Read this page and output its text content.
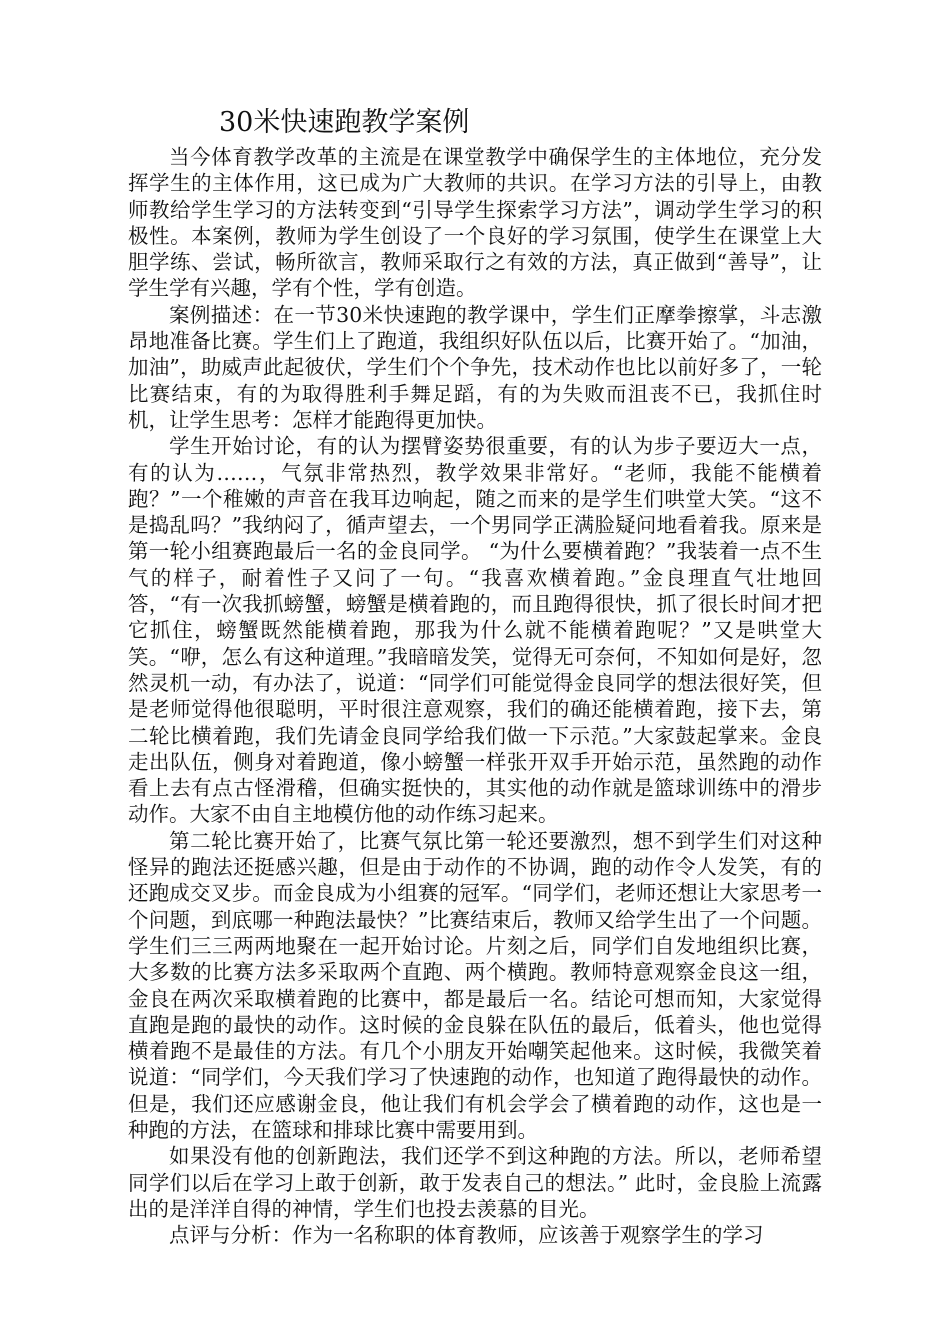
30米快速跑教学案例

当今体育教学改革的主流是在课堂教学中确保学生的主体地位，充分发挥学生的主体作用，这已成为广大教师的共识。在学习方法的引导上，由教师教给学生学习的方法转变到“引导学生探索学习方法”，调动学生学习的积极性。本案例，教师为学生创设了一个良好的学习氛围，使学生在课堂上大胆学练、尝试，畅所欲言，教师采取行之有效的方法，真正做到“善导”，让学生学有兴趣，学有个性，学有创造。

案例描述：在一节30米快速跑的教学课中，学生们正摩拳擦掌，斗志激昂地准备比赛。学生们上了跑道，我组织好队伍以后，比赛开始了。“加油，加油”，助威声此起彼伏，学生们个个争先，技术动作也比以前好多了，一轮比赛结束，有的为取得胜利手舞足蹈，有的为失败而沮丧不已，我抓住时机，让学生思考：怎样才能跑得更加快。

学生开始讨论，有的认为摆臂姿势很重要，有的认为步子要迈大一点，有的认为……，气氛非常热烈，教学效果非常好。“老师，我能不能横着跑？”一个稚嫩的声音在我耳边响起，随之而来的是学生们哄堂大笑。“这不是捣乱吗？”我纳闷了，循声望去，一个男同学正满脸疑问地看着我。原来是第一轮小组赛跑最后一名的金良同学。 “为什么要横着跑？”我装着一点不生气的样子，耐着性子又问了一句。“我喜欢横着跑。”金良理直气壮地回答，“有一次我抓螃蟹，螃蟹是横着跑的，而且跑得很快，抓了很长时间才把它抓住，螃蟹既然能横着跑，那我为什么就不能横着跑呢？”又是哄堂大笑。“咿，怎么有这种道理。”我暗暗发笑，觉得无可奈何，不知如何是好，忽然灵机一动，有办法了，说道：“同学们可能觉得金良同学的想法很好笑，但是老师觉得他很聪明，平时很注意观察，我们的确还能横着跑，接下去，第二轮比横着跑，我们先请金良同学给我们做一下示范。”大家鼓起掌来。金良走出队伍，侧身对着跑道，像小螃蟹一样张开双手开始示范，虽然跑的动作看上去有点古怪滑稽，但确实挺快的，其实他的动作就是篮球训练中的滑步动作。大家不由自主地模仿他的动作练习起来。

第二轮比赛开始了，比赛气氛比第一轮还要激烈，想不到学生们对这种怪异的跑法还挺感兴趣，但是由于动作的不协调，跑的动作令人发笑，有的还跑成交叉步。而金良成为小组赛的冠军。“同学们，老师还想让大家思考一个问题，到底哪一种跑法最快？”比赛结束后，教师又给学生出了一个问题。学生们三三两两地聚在一起开始讨论。片刻之后，同学们自发地组织比赛，大多数的比赛方法多采取两个直跑、两个横跑。教师特意观察金良这一组，金良在两次采取横着跑的比赛中，都是最后一名。结论可想而知，大家觉得直跑是跑的最快的动作。这时候的金良躲在队伍的最后，低着头，他也觉得横着跑不是最佳的方法。有几个小朋友开始嘲笑起他来。这时候，我微笑着说道：“同学们，今天我们学习了快速跑的动作，也知道了跑得最快的动作。但是，我们还应感谢金良，他让我们有机会学会了横着跑的动作，这也是一种跑的方法，在篮球和排球比赛中需要用到。

如果没有他的创新跑法，我们还学不到这种跑的方法。所以，老师希望同学们以后在学习上敢于创新，敢于发表自己的想法。” 此时，金良脸上流露出的是洋洋自得的神情，学生们也投去羡慕的目光。

点评与分析：作为一名称职的体育教师，应该善于观察学生的学习
